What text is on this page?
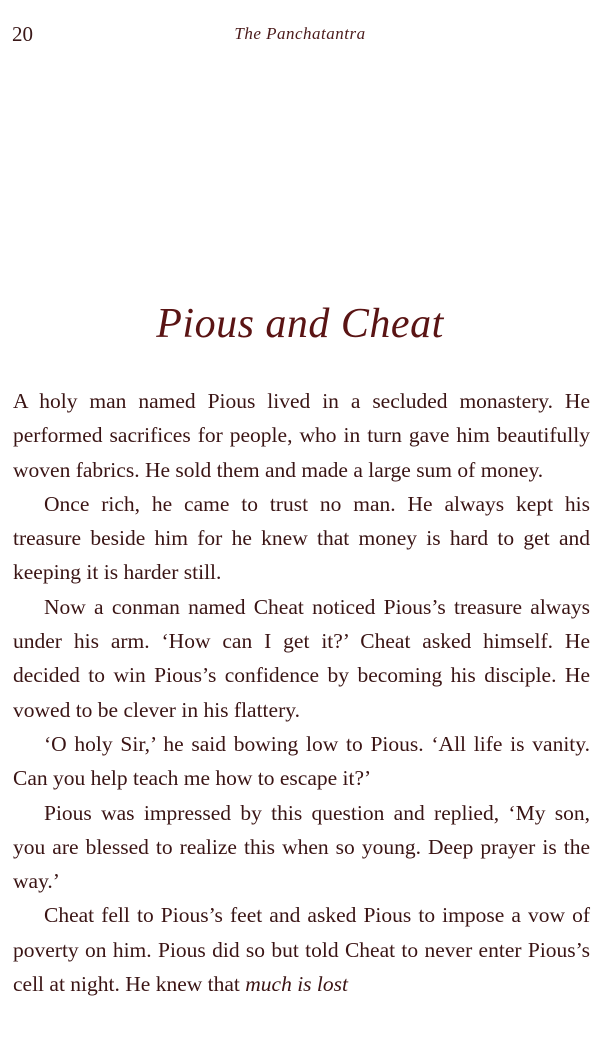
20	The Panchatantra
Pious and Cheat

A holy man named Pious lived in a secluded monastery. He performed sacrifices for people, who in turn gave him beautifully woven fabrics. He sold them and made a large sum of money.

Once rich, he came to trust no man. He always kept his treasure beside him for he knew that money is hard to get and keeping it is harder still.

Now a conman named Cheat noticed Pious’s treasure always under his arm. ‘How can I get it?’ Cheat asked himself. He decided to win Pious’s confidence by becoming his disciple. He vowed to be clever in his flattery.

‘O holy Sir,’ he said bowing low to Pious. ‘All life is vanity. Can you help teach me how to escape it?’

Pious was impressed by this question and replied, ‘My son, you are blessed to realize this when so young. Deep prayer is the way.’

Cheat fell to Pious’s feet and asked Pious to impose a vow of poverty on him. Pious did so but told Cheat to never enter Pious’s cell at night. He knew that much is lost
